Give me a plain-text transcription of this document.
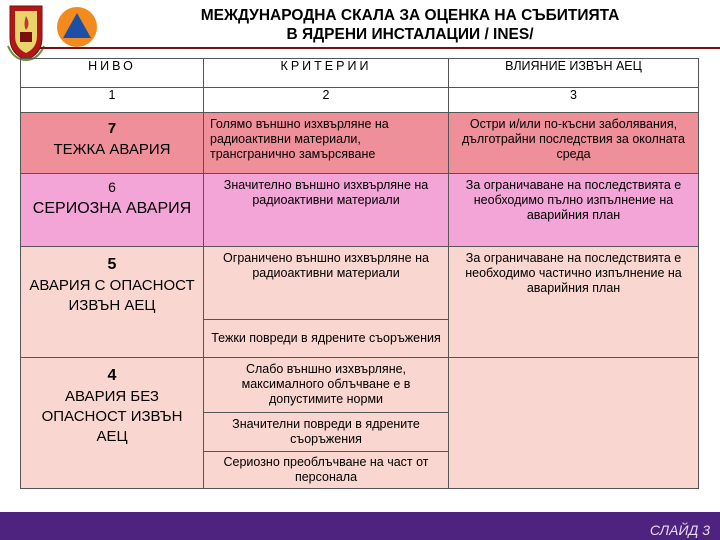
МЕЖДУНАРОДНА СКАЛА ЗА ОЦЕНКА НА СЪБИТИЯТА
В ЯДРЕНИ ИНСТАЛАЦИИ / INES/
НИВО	КРИТЕРИИ	ВЛИЯНИЕ ИЗВЪН АЕЦ
1	2	3

7
ТЕЖКА АВАРИЯ	Голямо външно изхвърляне на радиоактивни материали, трансгранично замърсяване	Остри и/или по-късни заболявания, дълготрайни последствия за околната среда

6
СЕРИОЗНА АВАРИЯ	Значително външно изхвърляне на радиоактивни материали	За ограничаване на последствията е необходимо пълно изпълнение на аварийния план

5
АВАРИЯ С ОПАСНОСТ ИЗВЪН АЕЦ	Ограничено външно изхвърляне на радиоактивни материали	За ограничаване на последствията е необходимо частично изпълнение на аварийния план
	Тежки повреди в ядрените съоръжения	

4
АВАРИЯ БЕЗ ОПАСНОСТ ИЗВЪН АЕЦ	Слабо външно изхвърляне, максималного облъчване е в допустимите норми	
	Значителни повреди в ядрените съоръжения	
	Сериозно преоблъчване на част от персонала	
СЛАЙД 3
